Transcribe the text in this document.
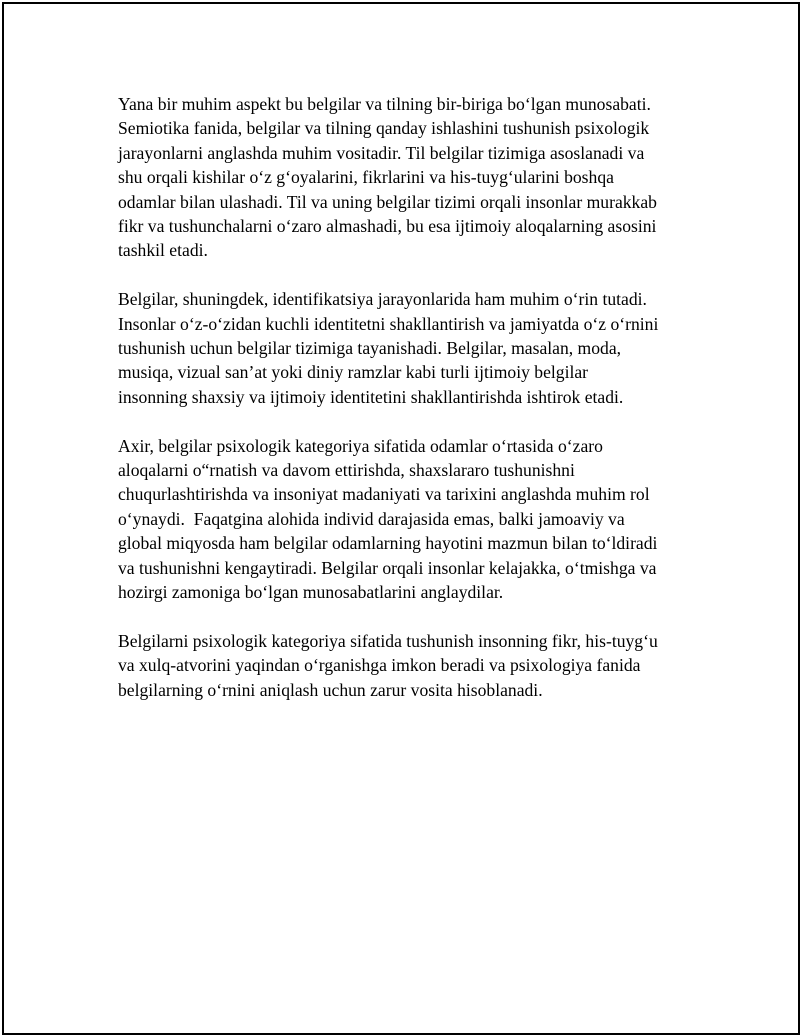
Yana bir muhim aspekt bu belgilar va tilning bir-biriga bo‘lgan munosabati.
Semiotika fanida, belgilar va tilning qanday ishlashini tushunish psixologik
jarayonlarni anglashda muhim vositadir. Til belgilar tizimiga asoslanadi va
shu orqali kishilar o‘z g‘oyalarini, fikrlarini va his-tuyg‘ularini boshqa
odamlar bilan ulashadi. Til va uning belgilar tizimi orqali insonlar murakkab
fikr va tushunchalarni o‘zaro almashadi, bu esa ijtimoiy aloqalarning asosini
tashkil etadi.

Belgilar, shuningdek, identifikatsiya jarayonlarida ham muhim o‘rin tutadi.
Insonlar o‘z-o‘zidan kuchli identitetni shakllantirish va jamiyatda o‘z o‘rnini
tushunish uchun belgilar tizimiga tayanishadi. Belgilar, masalan, moda,
musiqa, vizual san’at yoki diniy ramzlar kabi turli ijtimoiy belgilar
insonning shaxsiy va ijtimoiy identitetini shakllantirishda ishtirok etadi.

Axir, belgilar psixologik kategoriya sifatida odamlar o‘rtasida o‘zaro
aloqalarni o“rnatish va davom ettirishda, shaxslararo tushunishni
chuqurlashtirishda va insoniyat madaniyati va tarixini anglashda muhim rol
o‘ynaydi.  Faqatgina alohida individ darajasida emas, balki jamoaviy va
global miqyosda ham belgilar odamlarning hayotini mazmun bilan to‘ldiradi
va tushunishni kengaytiradi. Belgilar orqali insonlar kelajakka, o‘tmishga va
hozirgi zamoniga bo‘lgan munosabatlarini anglaydilar.

Belgilarni psixologik kategoriya sifatida tushunish insonning fikr, his-tuyg‘u
va xulq-atvorini yaqindan o‘rganishga imkon beradi va psixologiya fanida
belgilarning o‘rnini aniqlash uchun zarur vosita hisoblanadi.
